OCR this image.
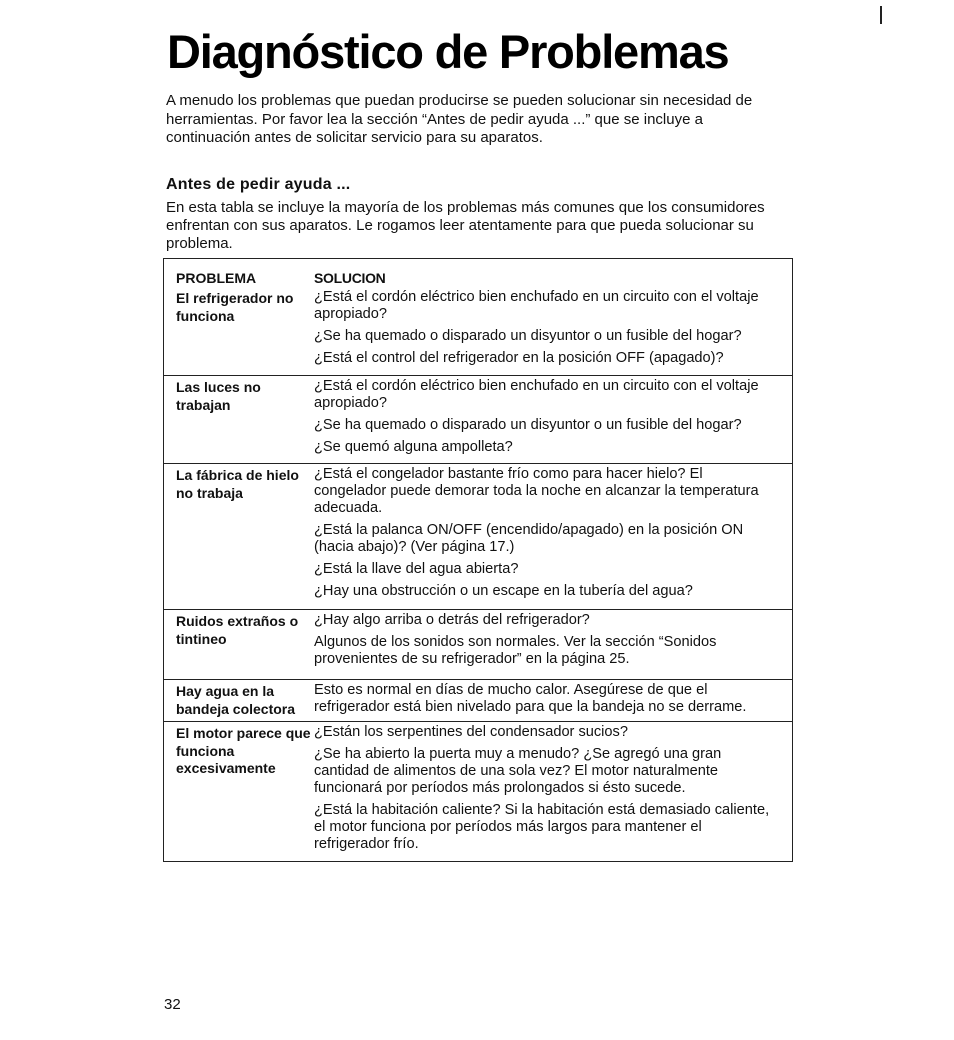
Diagnóstico de Problemas

A menudo los problemas que puedan producirse se pueden solucionar sin necesidad de herramientas. Por favor lea la sección “Antes de pedir ayuda ...” que se incluye a continuación antes de solicitar servicio para su aparatos.

Antes de pedir ayuda ...

En esta tabla se incluye la mayoría de los problemas más comunes que los consumidores enfrentan con sus aparatos. Le rogamos leer atentamente para que pueda solucionar su problema.

PROBLEMA	SOLUCION
El refrigerador no funciona

¿Está el cordón eléctrico bien enchufado en un circuito con el voltaje apropiado?

¿Se ha quemado o disparado un disyuntor o un fusible del hogar?

¿Está el control del refrigerador en la posición OFF (apagado)?

Las luces no trabajan

¿Está el cordón eléctrico bien enchufado en un circuito con el voltaje apropiado?

¿Se ha quemado o disparado un disyuntor o un fusible del hogar?

¿Se quemó alguna ampolleta?

La fábrica de hielo no trabaja

¿Está el congelador bastante frío como para hacer hielo? El congelador puede demorar toda la noche en alcanzar la temperatura adecuada.

¿Está la palanca ON/OFF (encendido/apagado) en la posición ON (hacia abajo)? (Ver página 17.)

¿Está la llave del agua abierta?

¿Hay una obstrucción o un escape en la tubería del agua?

Ruidos extraños o tintineo

¿Hay algo arriba o detrás del refrigerador?

Algunos de los sonidos son normales. Ver la sección “Sonidos provenientes de su refrigerador” en la página 25.

Hay agua en la bandeja colectora

Esto es normal en días de mucho calor. Asegúrese de que el refrigerador está bien nivelado para que la bandeja no se derrame.

El motor parece que funciona excesivamente

¿Están los serpentines del condensador sucios?

¿Se ha abierto la puerta muy a menudo? ¿Se agregó una gran cantidad de alimentos de una sola vez? El motor naturalmente funcionará por períodos más prolongados si ésto sucede.

¿Está la habitación caliente? Si la habitación está demasiado caliente, el motor funciona por períodos más largos para mantener el refrigerador frío.

32
